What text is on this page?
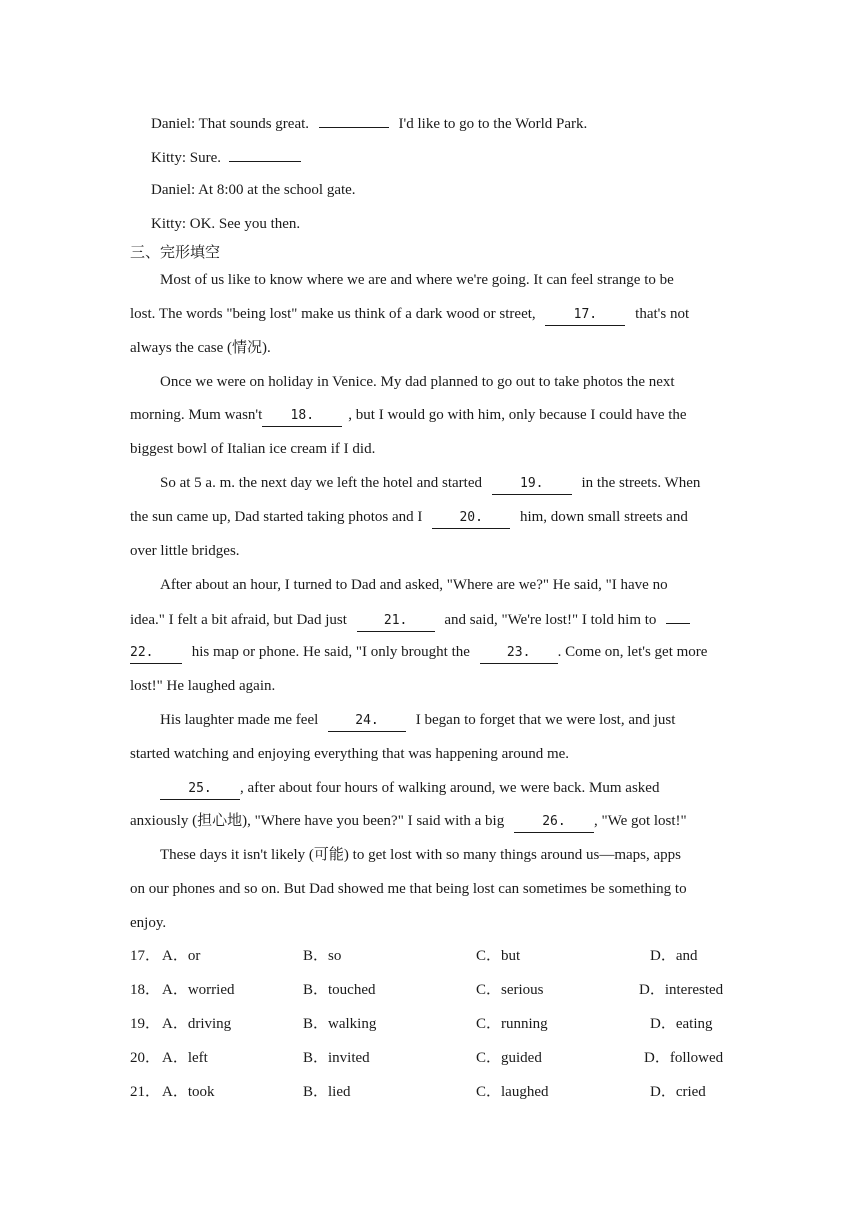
Daniel: That sounds great.	I'd like to go to the World Park.
Kitty: Sure.
Daniel: At 8:00 at the school gate.
Kitty: OK. See you then.
三、完形填空
Most of us like to know where we are and where we're going. It can feel strange to be
lost. The words "being lost" make us think of a dark wood or street,	17.	that's not
always the case (情况).
Once we were on holiday in Venice. My dad planned to go out to take photos the next
morning. Mum wasn't 18. , but I would go with him, only because I could have the
biggest bowl of Italian ice cream if I did.
So at 5 a. m. the next day we left the hotel and started	19.	in the streets. When
the sun came up, Dad started taking photos and I	20. him, down small streets and
over little bridges.
After about an hour, I turned to Dad and asked, "Where are we?" He said, "I have no
idea." I felt a bit afraid, but Dad just	21. and said, "We're lost!" I told him to
22.	his map or phone. He said, "I only brought the	23. . Come on, let's get more
lost!" He laughed again.
His laughter made me feel	24. I began to forget that we were lost, and just
started watching and enjoying everything that was happening around me.
25. , after about four hours of walking around, we were back. Mum asked
anxiously (担心地), "Where have you been?" I said with a big	26. , "We got lost!"
These days it isn't likely (可能) to get lost with so many things around us—maps, apps
on our phones and so on. But Dad showed me that being lost can sometimes be something to
enjoy.
17． A．or	B．so	C．but	D．and
18． A．worried	B．touched	C．serious	D．interested
19． A．driving	B．walking	C．running	D．eating
20． A．left	B．invited	C．guided	D．followed
21． A．took	B．lied	C．laughed	D．cried
